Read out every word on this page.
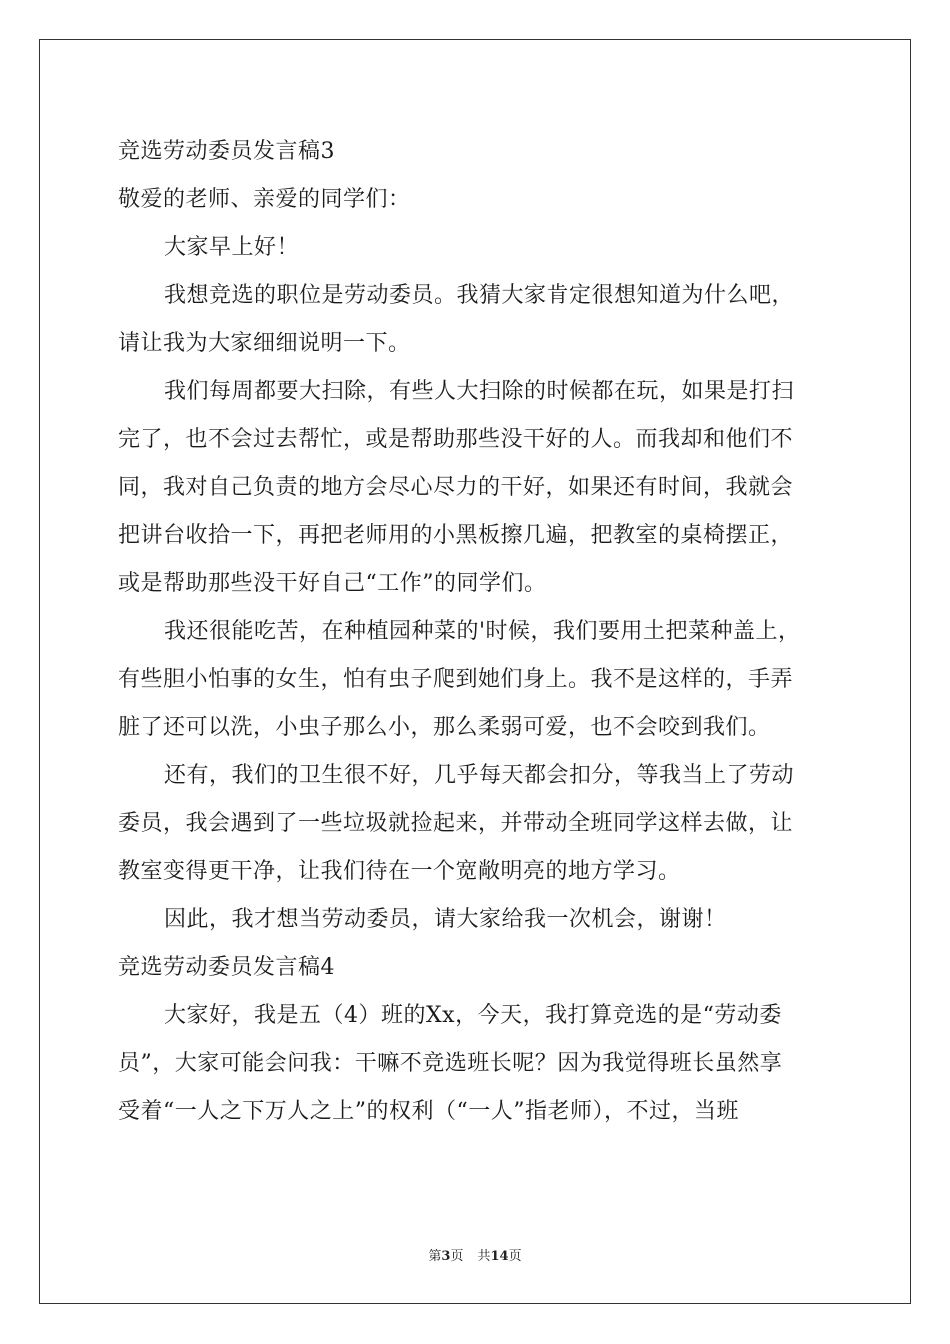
竞选劳动委员发言稿3
敬爱的老师、亲爱的同学们：
大家早上好！
我想竞选的职位是劳动委员。我猜大家肯定很想知道为什么吧，
请让我为大家细细说明一下。
我们每周都要大扫除，有些人大扫除的时候都在玩，如果是打扫
完了，也不会过去帮忙，或是帮助那些没干好的人。而我却和他们不
同，我对自己负责的地方会尽心尽力的干好，如果还有时间，我就会
把讲台收拾一下，再把老师用的小黑板擦几遍，把教室的桌椅摆正，
或是帮助那些没干好自己“工作”的同学们。
我还很能吃苦，在种植园种菜的'时候，我们要用土把菜种盖上，
有些胆小怕事的女生，怕有虫子爬到她们身上。我不是这样的，手弄
脏了还可以洗，小虫子那么小，那么柔弱可爱，也不会咬到我们。
还有，我们的卫生很不好，几乎每天都会扣分，等我当上了劳动
委员，我会遇到了一些垃圾就捡起来，并带动全班同学这样去做，让
教室变得更干净，让我们待在一个宽敞明亮的地方学习。
因此，我才想当劳动委员，请大家给我一次机会，谢谢！
竞选劳动委员发言稿4
大家好，我是五（4）班的Xx，今天，我打算竞选的是“劳动委
员”，大家可能会问我：干嘛不竞选班长呢？因为我觉得班长虽然享
受着“一人之下万人之上”的权利（“一人”指老师），不过，当班
第3页 共14页
